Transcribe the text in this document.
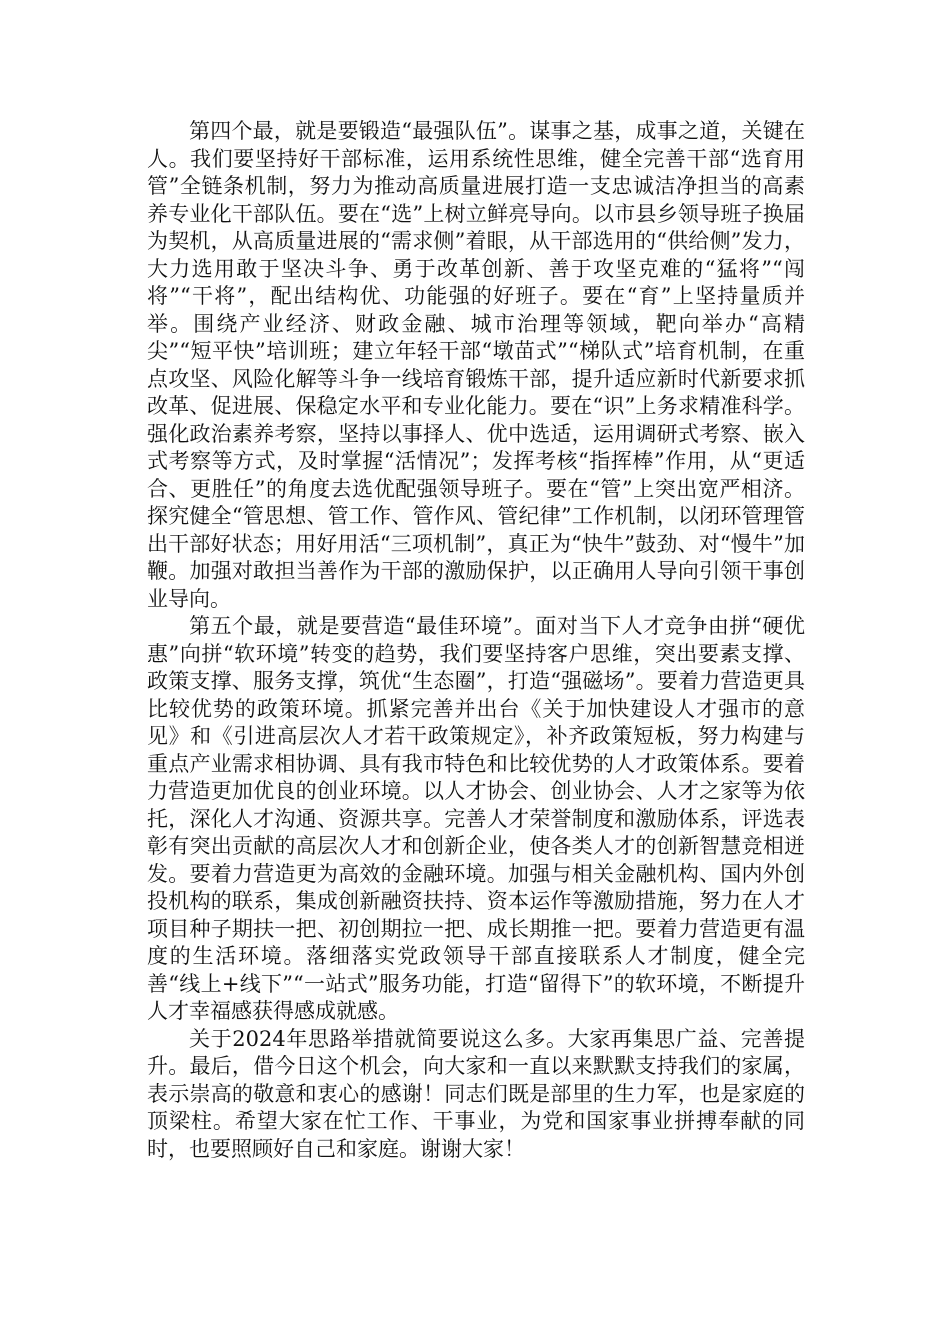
第四个最，就是要锻造“最强队伍”。谋事之基，成事之道，关键在人。我们要坚持好干部标准，运用系统性思维，健全完善干部“选育用管”全链条机制，努力为推动高质量进展打造一支忠诚洁净担当的高素养专业化干部队伍。要在“选”上树立鲜亮导向。以市县乡领导班子换届为契机，从高质量进展的“需求侧”着眼，从干部选用的“供给侧”发力，大力选用敢于坚决斗争、勇于改革创新、善于攻坚克难的“猛将”“闯将”“干将”，配出结构优、功能强的好班子。要在“育”上坚持量质并举。围绕产业经济、财政金融、城市治理等领域，靶向举办“高精尖”“短平快”培训班；建立年轻干部“墩苗式”“梯队式”培育机制，在重点攻坚、风险化解等斗争一线培育锻炼干部，提升适应新时代新要求抓改革、促进展、保稳定水平和专业化能力。要在“识”上务求精准科学。强化政治素养考察，坚持以事择人、优中选适，运用调研式考察、嵌入式考察等方式，及时掌握“活情况”；发挥考核“指挥棒”作用，从“更适合、更胜任”的角度去选优配强领导班子。要在“管”上突出宽严相济。探究健全“管思想、管工作、管作风、管纪律”工作机制，以闭环管理管出干部好状态；用好用活“三项机制”，真正为“快牛”鼓劲、对“慢牛”加鞭。加强对敢担当善作为干部的激励保护，以正确用人导向引领干事创业导向。

第五个最，就是要营造“最佳环境”。面对当下人才竞争由拼“硬优惠”向拼“软环境”转变的趋势，我们要坚持客户思维，突出要素支撑、政策支撑、服务支撑，筑优“生态圈”，打造“强磁场”。要着力营造更具比较优势的政策环境。抓紧完善并出台《关于加快建设人才强市的意见》和《引进高层次人才若干政策规定》，补齐政策短板，努力构建与重点产业需求相协调、具有我市特色和比较优势的人才政策体系。要着力营造更加优良的创业环境。以人才协会、创业协会、人才之家等为依托，深化人才沟通、资源共享。完善人才荣誉制度和激励体系，评选表彰有突出贡献的高层次人才和创新企业，使各类人才的创新智慧竞相迸发。要着力营造更为高效的金融环境。加强与相关金融机构、国内外创投机构的联系，集成创新融资扶持、资本运作等激励措施，努力在人才项目种子期扶一把、初创期拉一把、成长期推一把。要着力营造更有温度的生活环境。落细落实党政领导干部直接联系人才制度，健全完善“线上+线下”“一站式”服务功能，打造“留得下”的软环境，不断提升人才幸福感获得感成就感。

关于2024年思路举措就简要说这么多。大家再集思广益、完善提升。最后，借今日这个机会，向大家和一直以来默默支持我们的家属，表示崇高的敬意和衷心的感谢！同志们既是部里的生力军，也是家庭的顶梁柱。希望大家在忙工作、干事业，为党和国家事业拼搏奉献的同时，也要照顾好自己和家庭。谢谢大家！
